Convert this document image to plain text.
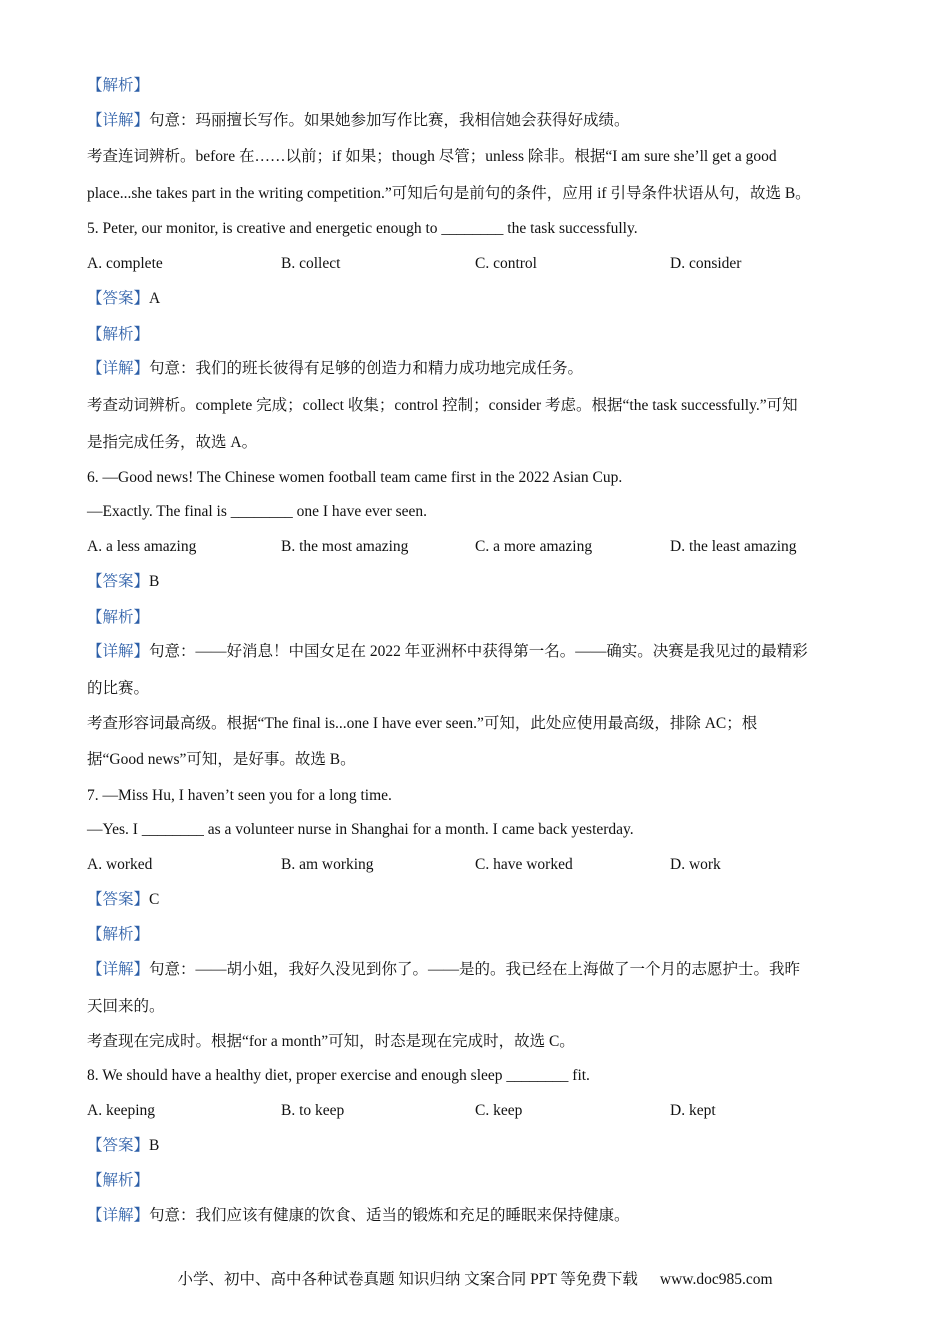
【解析】
【详解】句意：玛丽擅长写作。如果她参加写作比赛，我相信她会获得好成绩。
考查连词辨析。before 在……以前；if 如果；though 尽管；unless 除非。根据“I am sure she’ll get a good
place...she takes part in the writing competition.”可知后句是前句的条件，应用 if 引导条件状语从句，故选 B。
5. Peter, our monitor, is creative and energetic enough to ________ the task successfully.
A. complete	B. collect	C. control	D. consider
【答案】A
【解析】
【详解】句意：我们的班长彼得有足够的创造力和精力成功地完成任务。
考查动词辨析。complete 完成；collect 收集；control 控制；consider 考虑。根据“the task successfully.”可知
是指完成任务，故选 A。
6. —Good news! The Chinese women football team came first in the 2022 Asian Cup.
—Exactly. The final is ________ one I have ever seen.
A. a less amazing	B. the most amazing	C. a more amazing	D. the least amazing
【答案】B
【解析】
【详解】句意：——好消息！中国女足在 2022 年亚洲杯中获得第一名。——确实。决赛是我见过的最精彩
的比赛。
考查形容词最高级。根据“The final is...one I have ever seen.”可知，此处应使用最高级，排除 AC；根
据“Good news”可知，是好事。故选 B。
7. —Miss Hu, I haven’t seen you for a long time.
—Yes. I ________ as a volunteer nurse in Shanghai for a month. I came back yesterday.
A. worked	B. am working	C. have worked	D. work
【答案】C
【解析】
【详解】句意：——胡小姐，我好久没见到你了。——是的。我已经在上海做了一个月的志愿护士。我昨
天回来的。
考查现在完成时。根据“for a month”可知，时态是现在完成时，故选 C。
8. We should have a healthy diet, proper exercise and enough sleep ________ fit.
A. keeping	B. to keep	C. keep	D. kept
【答案】B
【解析】
【详解】句意：我们应该有健康的饮食、适当的锻炼和充足的睡眠来保持健康。
小学、初中、高中各种试卷真题 知识归纳 文案合同 PPT 等免费下载 www.doc985.com
